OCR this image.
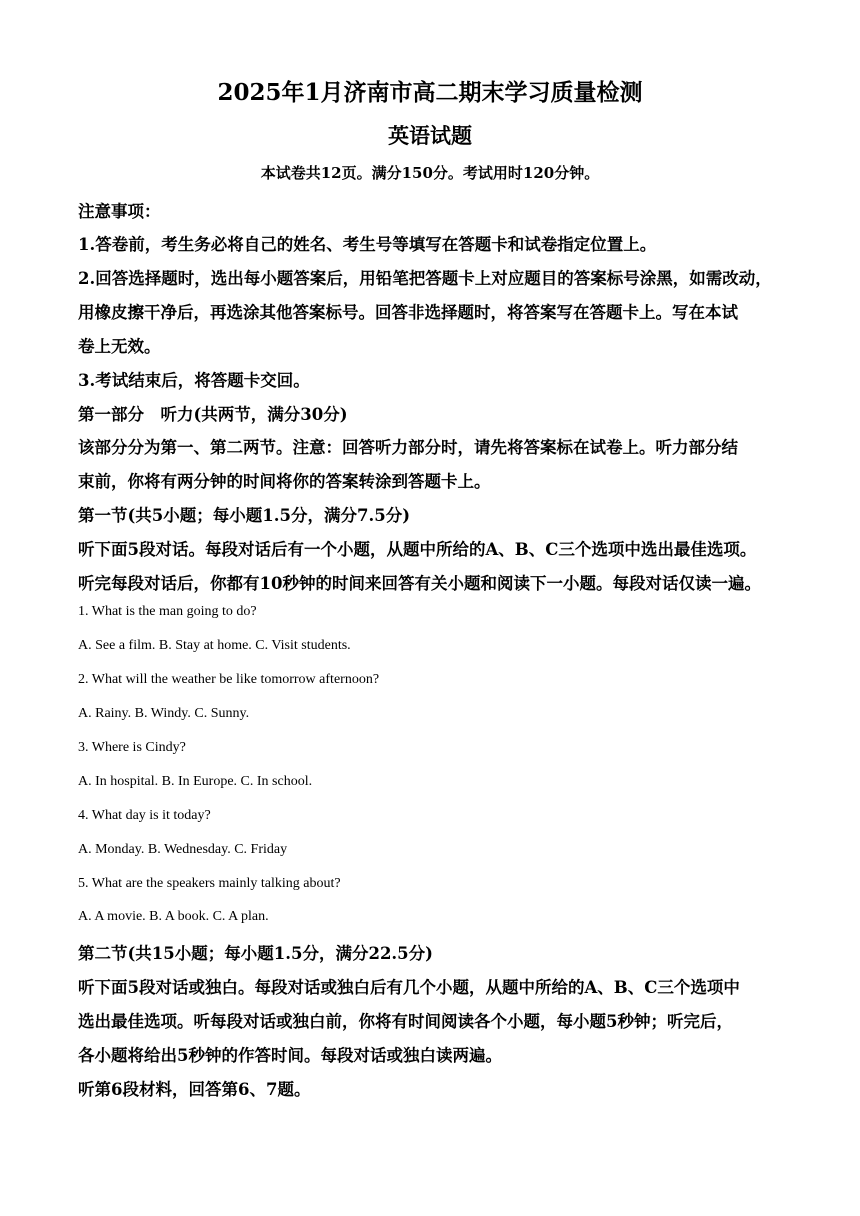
2025年1月济南市高二期末学习质量检测
英语试题
本试卷共12页。满分150分。考试用时120分钟。
注意事项：
1.答卷前，考生务必将自己的姓名、考生号等填写在答题卡和试卷指定位置上。
2.回答选择题时，选出每小题答案后，用铅笔把答题卡上对应题目的答案标号涂黑，如需改动，
用橡皮擦干净后，再选涂其他答案标号。回答非选择题时，将答案写在答题卡上。写在本试
卷上无效。
3.考试结束后，将答题卡交回。
第一部分　听力(共两节，满分30分)
该部分分为第一、第二两节。注意：回答听力部分时，请先将答案标在试卷上。听力部分结
束前，你将有两分钟的时间将你的答案转涂到答题卡上。
第一节(共5小题；每小题1.5分，满分7.5分)
听下面5段对话。每段对话后有一个小题，从题中所给的A、B、C三个选项中选出最佳选项。
听完每段对话后，你都有10秒钟的时间来回答有关小题和阅读下一小题。每段对话仅读一遍。
1. What is the man going to do?
A. See a film. B. Stay at home. C. Visit students.
2. What will the weather be like tomorrow afternoon?
A. Rainy. B. Windy. C. Sunny.
3. Where is Cindy?
A. In hospital. B. In Europe. C. In school.
4. What day is it today?
A. Monday. B. Wednesday. C. Friday
5. What are the speakers mainly talking about?
A. A movie. B. A book. C. A plan.
第二节(共15小题；每小题1.5分，满分22.5分)
听下面5段对话或独白。每段对话或独白后有几个小题，从题中所给的A、B、C三个选项中
选出最佳选项。听每段对话或独白前，你将有时间阅读各个小题，每小题5秒钟；听完后，
各小题将给出5秒钟的作答时间。每段对话或独白读两遍。
听第6段材料，回答第6、7题。
